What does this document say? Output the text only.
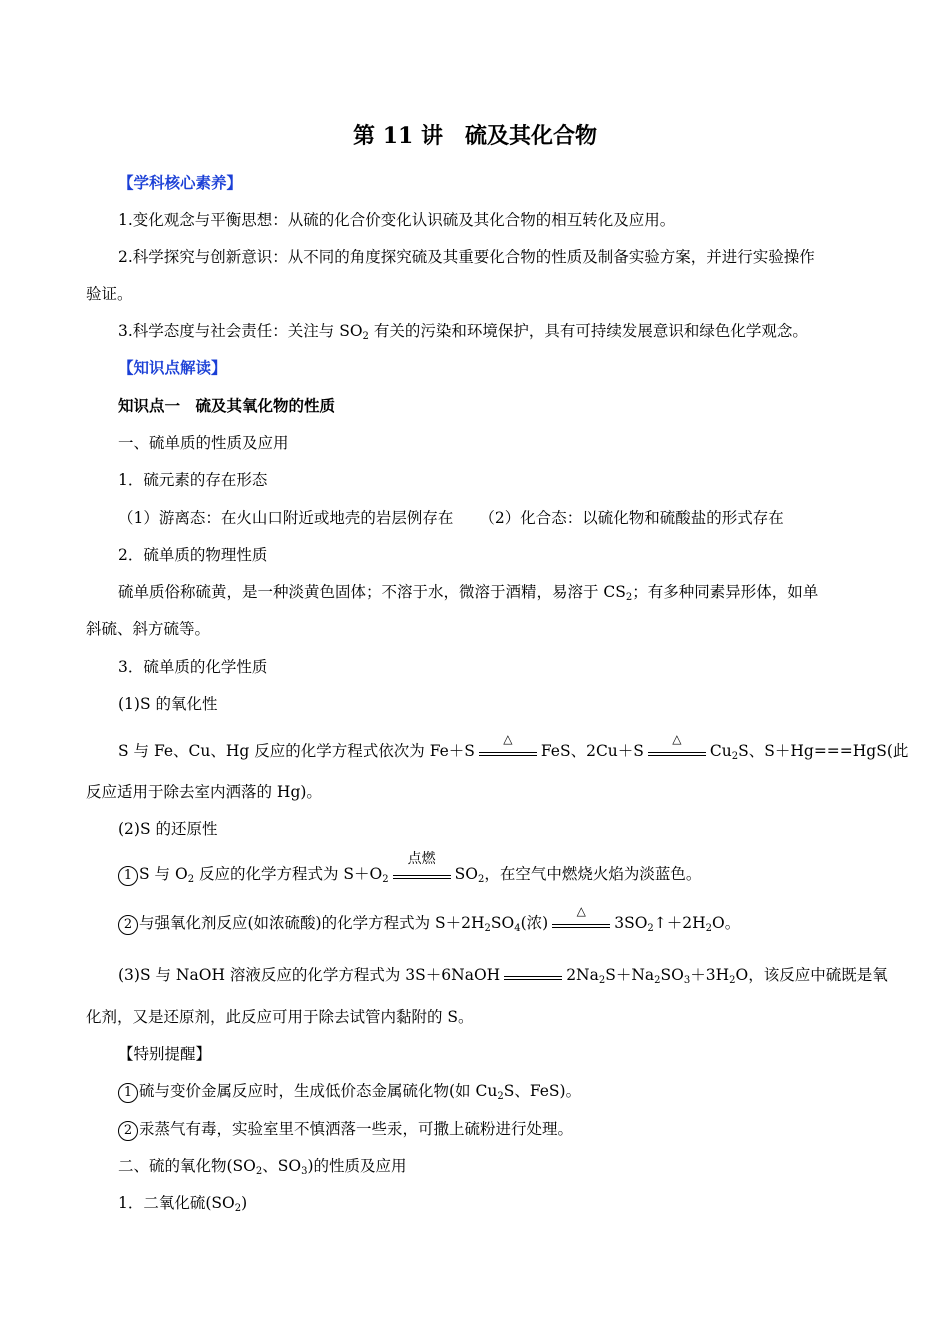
第 11 讲　硫及其化合物
【学科核心素养】
1.变化观念与平衡思想：从硫的化合价变化认识硫及其化合物的相互转化及应用。
2.科学探究与创新意识：从不同的角度探究硫及其重要化合物的性质及制备实验方案，并进行实验操作
验证。
3.科学态度与社会责任：关注与 $SO_2$ 有关的污染和环境保护，具有可持续发展意识和绿色化学观念。
【知识点解读】
知识点一　硫及其氧化物的性质
一、硫单质的性质及应用
1．硫元素的存在形态
（1）游离态：在火山口附近或地壳的岩层例存在 （2）化合态：以硫化物和硫酸盐的形式存在
2．硫单质的物理性质
硫单质俗称硫黄，是一种淡黄色固体；不溶于水，微溶于酒精，易溶于 $CS_2$；有多种同素异形体，如单
斜硫、斜方硫等。
3．硫单质的化学性质
(1)S 的氧化性
S 与 Fe、Cu、Hg 反应的化学方程式依次为 Fe＋S
△
FeS、2Cu＋S
△
$Cu_2S$、S＋Hg===HgS(此
反应适用于除去室内洒落的 Hg)。
(2)S 的还原性
1 S 与 $O_2$ 反应的化学方程式为 $S+O_2$
点燃
$SO_2$，在空气中燃烧火焰为淡蓝色。
2 与强氧化剂反应(如浓硫酸)的化学方程式为 $S+2H_2SO_4$(浓)
△
$3SO_2↑+2H_2O$。
(3)S 与 NaOH 溶液反应的化学方程式为 3S＋6NaOH	$2Na_2S+Na_2SO_3+3H_2O$，该反应中硫既是氧
化剂，又是还原剂，此反应可用于除去试管内黏附的 S。
【特别提醒】
1 硫与变价金属反应时，生成低价态金属硫化物(如 $Cu_2S$、FeS)。
2 汞蒸气有毒，实验室里不慎洒落一些汞，可撒上硫粉进行处理。
二、硫的氧化物($SO_2$、$SO_3$)的性质及应用
1．二氧化硫$(SO_2)$
